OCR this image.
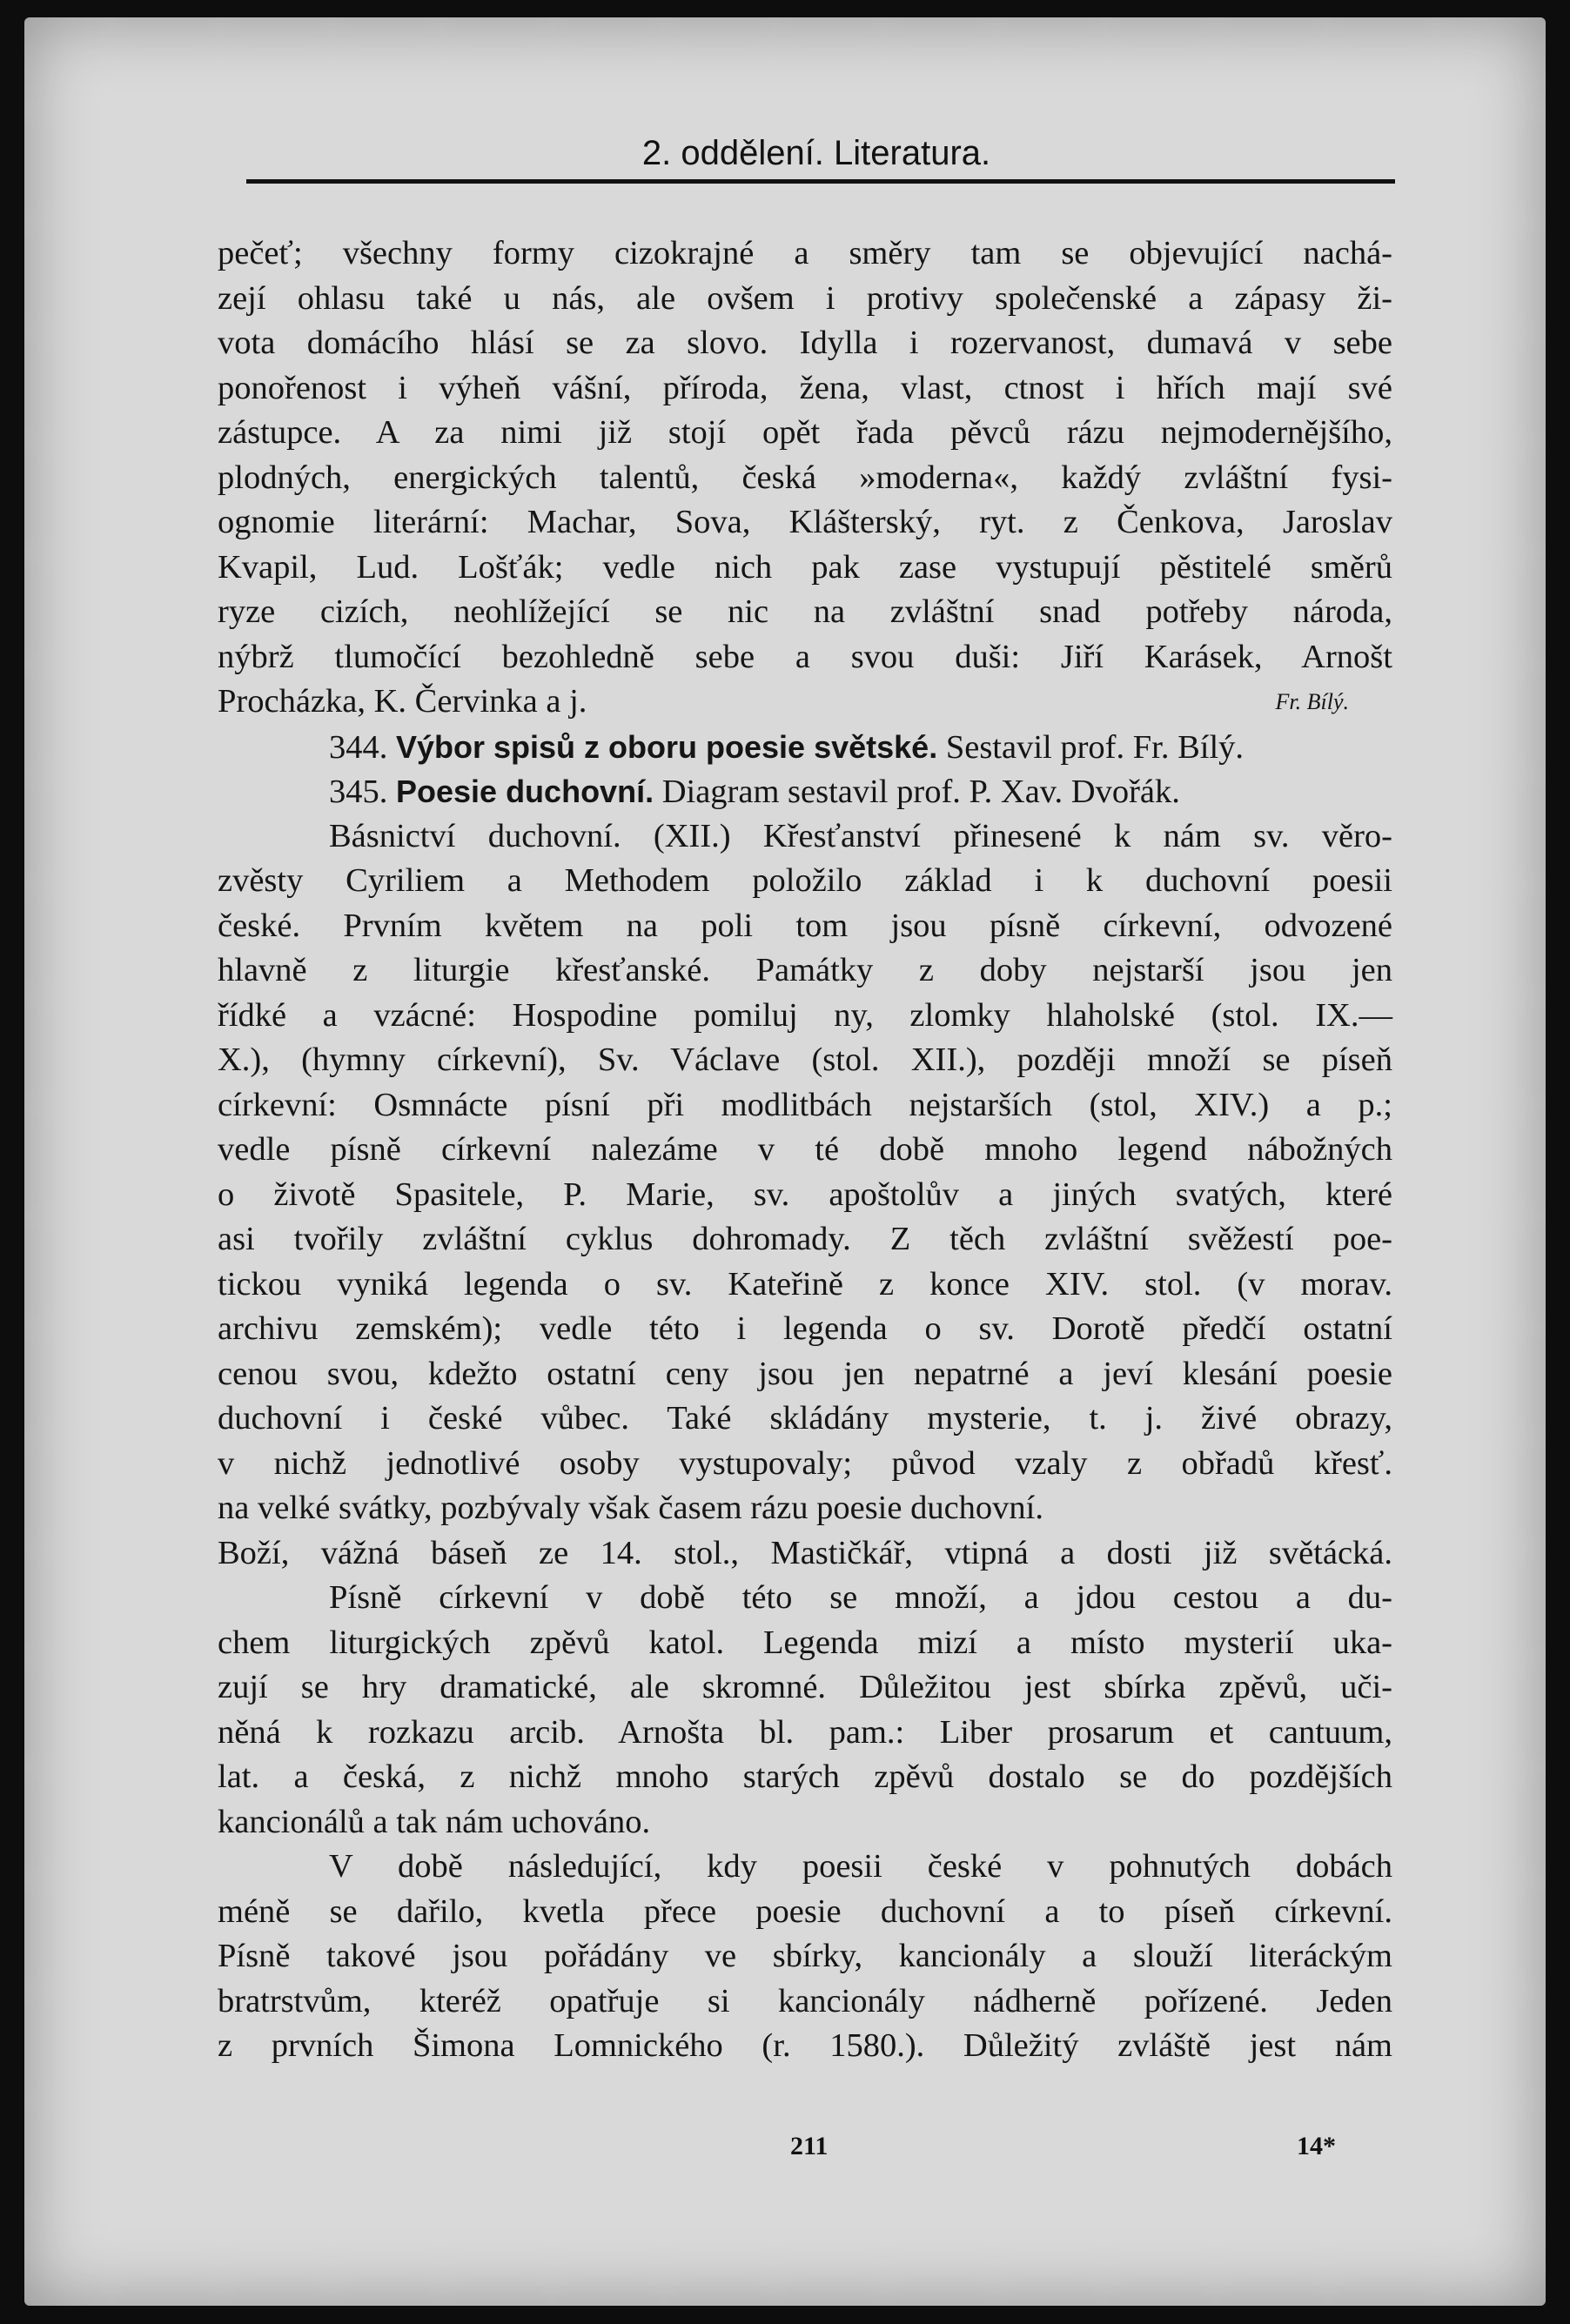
2. oddělení. Literatura.
pečeť; všechny formy cizokrajné a směry tam se objevující nachá-
zejí ohlasu také u nás, ale ovšem i protivy společenské a zápasy ži-
vota domácího hlásí se za slovo. Idylla i rozervanost, dumavá v sebe
ponořenost i výheň vášní, příroda, žena, vlast, ctnost i hřích mají své
zástupce. A za nimi již stojí opět řada pěvců rázu nejmodernějšího,
plodných, energických talentů, česká »moderna«, každý zvláštní fysi-
ognomie literární: Machar, Sova, Klášterský, ryt. z Čenkova, Jaroslav
Kvapil, Lud. Lošťák; vedle nich pak zase vystupují pěstitelé směrů
ryze cizích, neohlížející se nic na zvláštní snad potřeby národa,
nýbrž tlumočící bezohledně sebe a svou duši: Jiří Karásek, Arnošt
Procházka, K. Červinka a j.	Fr. Bílý.
344. Výbor spisů z oboru poesie světské. Sestavil prof. Fr. Bílý.
345. Poesie duchovní. Diagram sestavil prof. P. Xav. Dvořák.
Básnictví duchovní. (XII.) Křesťanství přinesené k nám sv. věro-
zvěsty Cyriliem a Methodem položilo základ i k duchovní poesii
české. Prvním květem na poli tom jsou písně církevní, odvozené
hlavně z liturgie křesťanské. Památky z doby nejstarší jsou jen
řídké a vzácné: Hospodine pomiluj ny, zlomky hlaholské (stol. IX.—
X.), (hymny církevní), Sv. Václave (stol. XII.), později množí se píseň
církevní: Osmnácte písní při modlitbách nejstarších (stol, XIV.) a p.;
vedle písně církevní nalezáme v té době mnoho legend nábožných
o životě Spasitele, P. Marie, sv. apoštolův a jiných svatých, které
asi tvořily zvláštní cyklus dohromady. Z těch zvláštní svěžestí poe-
tickou vyniká legenda o sv. Kateřině z konce XIV. stol. (v morav.
archivu zemském); vedle této i legenda o sv. Dorotě předčí ostatní
cenou svou, kdežto ostatní ceny jsou jen nepatrné a jeví klesání poesie
duchovní i české vůbec. Také skládány mysterie, t. j. živé obrazy,
v nichž jednotlivé osoby vystupovaly; původ vzaly z obřadů křesť.
na velké svátky, pozbývaly však časem rázu poesie duchovní.
Boží, vážná báseň ze 14. stol., Mastičkář, vtipná a dosti již světácká.
Písně církevní v době této se množí, a jdou cestou a du-
chem liturgických zpěvů katol. Legenda mizí a místo mysterií uka-
zují se hry dramatické, ale skromné. Důležitou jest sbírka zpěvů, uči-
něná k rozkazu arcib. Arnošta bl. pam.: Liber prosarum et cantuum,
lat. a česká, z nichž mnoho starých zpěvů dostalo se do pozdějších
kancionálů a tak nám uchováno.
V době následující, kdy poesii české v pohnutých dobách
méně se dařilo, kvetla přece poesie duchovní a to píseň církevní.
Písně takové jsou pořádány ve sbírky, kancionály a slouží literáckým
bratrstvům, kteréž opatřuje si kancionály nádherně pořízené. Jeden
z prvních Šimona Lomnického (r. 1580.). Důležitý zvláště jest nám
211	14*
